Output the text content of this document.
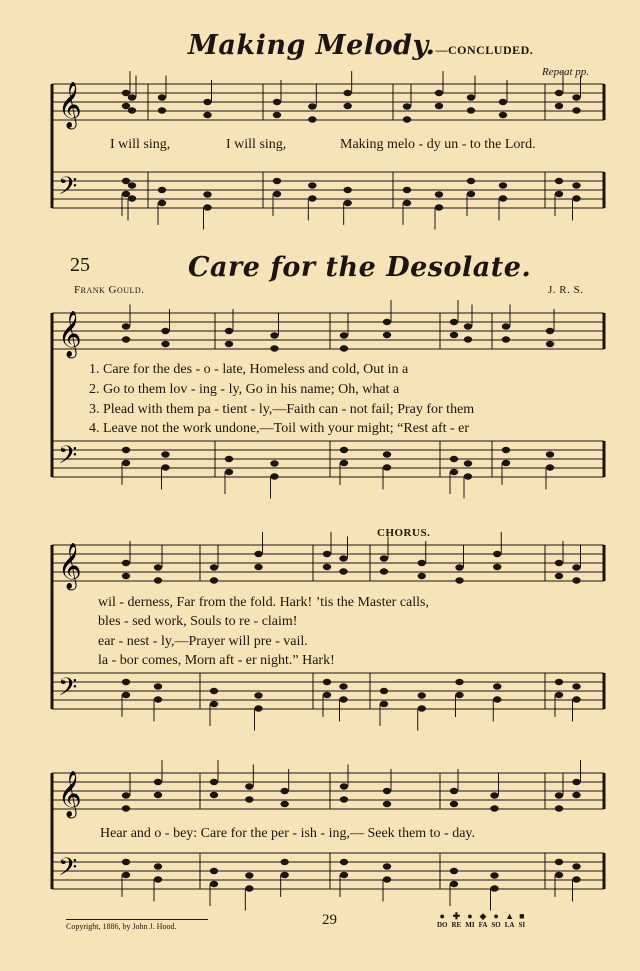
𝄞
𝄢
𝄞
𝄢
𝄞
𝄢
𝄞
𝄢
Making Melody.—CONCLUDED.
Repeat pp.
I will sing,	I will sing,	Making melo - dy un - to the Lord.
25	Care for the Desolate.
Frank Gould.	J. R. S.
1. Care for the des - o - late, Homeless and cold, Out in a
2. Go to them lov - ing - ly, Go in his name; Oh, what a
3. Plead with them pa - tient - ly,—Faith can - not fail; Pray for them
4. Leave not the work undone,—Toil with your might; “Rest aft - er
CHORUS.
wil - derness, Far from the fold. Hark! ’tis the Master calls,
bles - sed work, Souls to re - claim!
ear - nest - ly,—Prayer will pre - vail.
la - bor comes, Morn aft - er night.” Hark!
Hear and o - bey: Care for the per - ish - ing,— Seek them to - day.
Copyright, 1886, by John J. Hood.	29	●
DO
✚
RE
●
MI
◆
FA
●
SO
▲
LA
■
SI
